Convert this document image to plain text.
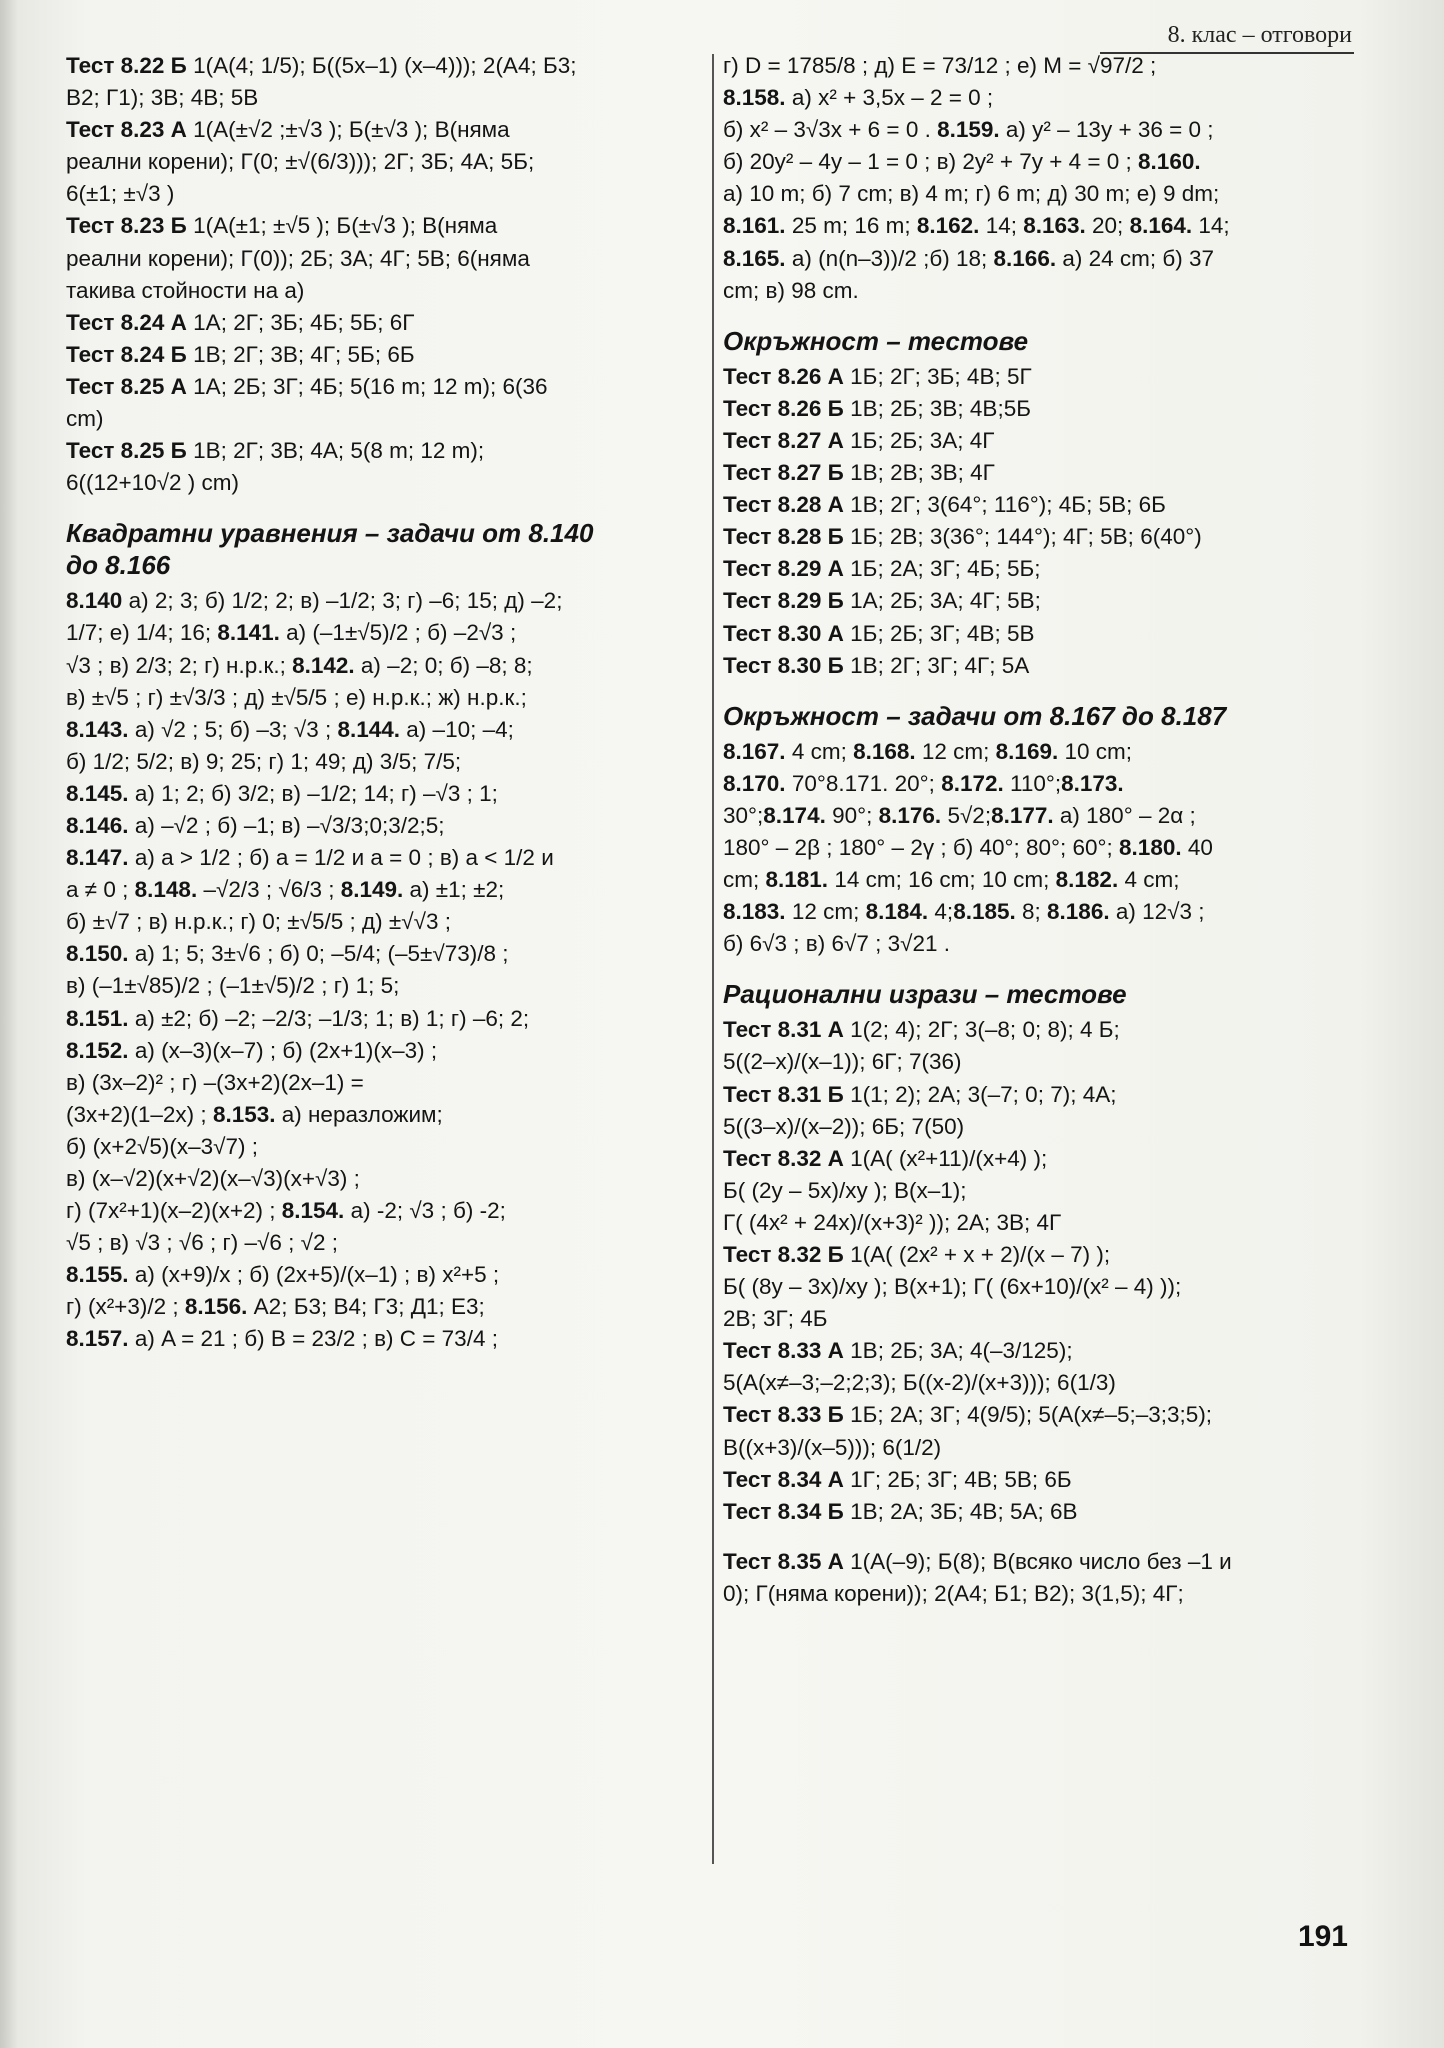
8. клас – отговори
Тест 8.22 Б 1(А(4; 1/5); Б((5x–1) (x–4))); 2(А4; Б3;
В2; Г1); 3В; 4В; 5В
Тест 8.23 А 1(А(±√2 ;±√3 ); Б(±√3 ); В(няма
реални корени); Г(0; ±√(6/3))); 2Г; 3Б; 4А; 5Б;
6(±1; ±√3 )
Тест 8.23 Б 1(А(±1; ±√5 ); Б(±√3 ); В(няма
реални корени); Г(0)); 2Б; 3А; 4Г; 5В; 6(няма
такива стойности на a)
Тест 8.24 А 1А; 2Г; 3Б; 4Б; 5Б; 6Г
Тест 8.24 Б 1В; 2Г; 3В; 4Г; 5Б; 6Б
Тест 8.25 А 1А; 2Б; 3Г; 4Б; 5(16 m; 12 m); 6(36
cm)
Тест 8.25 Б 1В; 2Г; 3В; 4А; 5(8 m; 12 m);
6((12+10√2 ) cm)
Квадратни уравнения – задачи от 8.140
до 8.166
8.140 а) 2; 3; б) 1/2; 2; в) –1/2; 3; г) –6; 15; д) –2;
1/7; е) 1/4; 16; 8.141. а) (–1±√5)/2 ; б) –2√3 ;
√3 ; в) 2/3; 2; г) н.р.к.; 8.142. а) –2; 0; б) –8; 8;
в) ±√5 ; г) ±√3/3 ; д) ±√5/5 ; е) н.р.к.; ж) н.р.к.;
8.143. а) √2 ; 5; б) –3; √3 ; 8.144. а) –10; –4;
б) 1/2; 5/2; в) 9; 25; г) 1; 49; д) 3/5; 7/5;
8.145. а) 1; 2; б) 3/2; в) –1/2; 14; г) –√3 ; 1;
8.146. а) –√2 ; б) –1; в) –√3/3;0;3/2;5;
8.147. а) a > 1/2 ; б) a = 1/2 и a = 0 ; в) a < 1/2 и
a ≠ 0 ; 8.148. –√2/3 ; √6/3 ; 8.149. а) ±1; ±2;
б) ±√7 ; в) н.р.к.; г) 0; ±√5/5 ; д) ±√√3 ;
8.150. а) 1; 5; 3±√6 ; б) 0; –5/4; (–5±√73)/8 ;
в) (–1±√85)/2 ; (–1±√5)/2 ; г) 1; 5;
8.151. а) ±2; б) –2; –2/3; –1/3; 1; в) 1; г) –6; 2;
8.152. а) (x–3)(x–7) ; б) (2x+1)(x–3) ;
в) (3x–2)² ; г) –(3x+2)(2x–1) =
(3x+2)(1–2x) ; 8.153. а) неразложим;
б) (x+2√5)(x–3√7) ;
в) (x–√2)(x+√2)(x–√3)(x+√3) ;
г) (7x²+1)(x–2)(x+2) ; 8.154. а) -2; √3 ; б) -2;
√5 ; в) √3 ; √6 ; г) –√6 ; √2 ;
8.155. а) (x+9)/x ; б) (2x+5)/(x–1) ; в) x²+5 ;
г) (x²+3)/2 ; 8.156. А2; Б3; В4; Г3; Д1; Е3;
8.157. а) A = 21 ; б) B = 23/2 ; в) C = 73/4 ;
г) D = 1785/8 ; д) E = 73/12 ; е) M = √97/2 ;
8.158. а) x² + 3,5x – 2 = 0 ;
б) x² – 3√3x + 6 = 0 . 8.159. а) y² – 13y + 36 = 0 ;
б) 20y² – 4y – 1 = 0 ; в) 2y² + 7y + 4 = 0 ; 8.160.
а) 10 m; б) 7 cm; в) 4 m; г) 6 m; д) 30 m; е) 9 dm;
8.161. 25 m; 16 m; 8.162. 14; 8.163. 20; 8.164. 14;
8.165. а) (n(n–3))/2 ;б) 18; 8.166. а) 24 cm; б) 37
cm; в) 98 cm.
Окръжност – тестове
Тест 8.26 А 1Б; 2Г; 3Б; 4В; 5Г
Тест 8.26 Б 1В; 2Б; 3В; 4В;5Б
Тест 8.27 А 1Б; 2Б; 3А; 4Г
Тест 8.27 Б 1В; 2В; 3В; 4Г
Тест 8.28 А 1В; 2Г; 3(64°; 116°); 4Б; 5В; 6Б
Тест 8.28 Б 1Б; 2В; 3(36°; 144°); 4Г; 5В; 6(40°)
Тест 8.29 А 1Б; 2А; 3Г; 4Б; 5Б;
Тест 8.29 Б 1А; 2Б; 3А; 4Г; 5В;
Тест 8.30 А 1Б; 2Б; 3Г; 4В; 5В
Тест 8.30 Б 1В; 2Г; 3Г; 4Г; 5А
Окръжност – задачи от 8.167 до 8.187
8.167. 4 cm; 8.168. 12 cm; 8.169. 10 cm;
8.170. 70°8.171. 20°; 8.172. 110°;8.173.
30°;8.174. 90°; 8.176. 5√2;8.177. а) 180° – 2α ;
180° – 2β ; 180° – 2γ ; б) 40°; 80°; 60°; 8.180. 40
cm; 8.181. 14 cm; 16 cm; 10 cm; 8.182. 4 cm;
8.183. 12 cm; 8.184. 4;8.185. 8; 8.186. а) 12√3 ;
б) 6√3 ; в) 6√7 ; 3√21 .
Рационални изрази – тестове
Тест 8.31 А 1(2; 4); 2Г; 3(–8; 0; 8); 4 Б;
5((2–x)/(x–1)); 6Г; 7(36)
Тест 8.31 Б 1(1; 2); 2А; 3(–7; 0; 7); 4А;
5((3–x)/(x–2)); 6Б; 7(50)
Тест 8.32 А 1(А( (x²+11)/(x+4) );
Б( (2y – 5x)/xy ); В(x–1);
Г( (4x² + 24x)/(x+3)² )); 2А; 3В; 4Г
Тест 8.32 Б 1(А( (2x² + x + 2)/(x – 7) );
Б( (8y – 3x)/xy ); В(x+1); Г( (6x+10)/(x² – 4) ));
2В; 3Г; 4Б
Тест 8.33 А 1В; 2Б; 3А; 4(–3/125);
5(А(x≠–3;–2;2;3); Б((x-2)/(x+3))); 6(1/3)
Тест 8.33 Б 1Б; 2А; 3Г; 4(9/5); 5(А(x≠–5;–3;3;5);
В((x+3)/(x–5))); 6(1/2)
Тест 8.34 А 1Г; 2Б; 3Г; 4В; 5В; 6Б
Тест 8.34 Б 1В; 2А; 3Б; 4В; 5А; 6В
Тест 8.35 А 1(А(–9); Б(8); В(всяко число без –1 и
0); Г(няма корени)); 2(А4; Б1; В2); 3(1,5); 4Г;
191
